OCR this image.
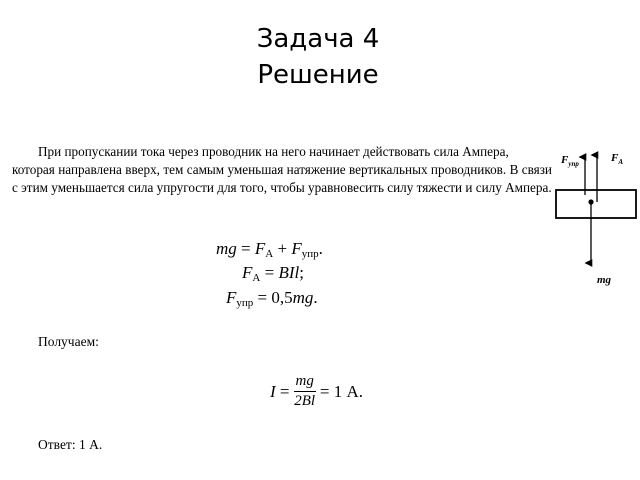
Задача 4
Решение
При пропускании тока через проводник на него начинает действовать сила Ампера,
которая направлена вверх, тем самым уменьшая натяжение вертикальных проводников. В связи с этим уменьшается сила упругости для того, чтобы уравновесить силу тяжести и силу Ампера.
mg = $F_A + F_{упр}$.
$F_A$ = BIl;
$F_{упр} = 0,5mg$.
Получаем:
$I = \frac{mg}{2Bl} = 1$ А.
Ответ: 1 А.
$F_{упр}$	$F_A$
mg
